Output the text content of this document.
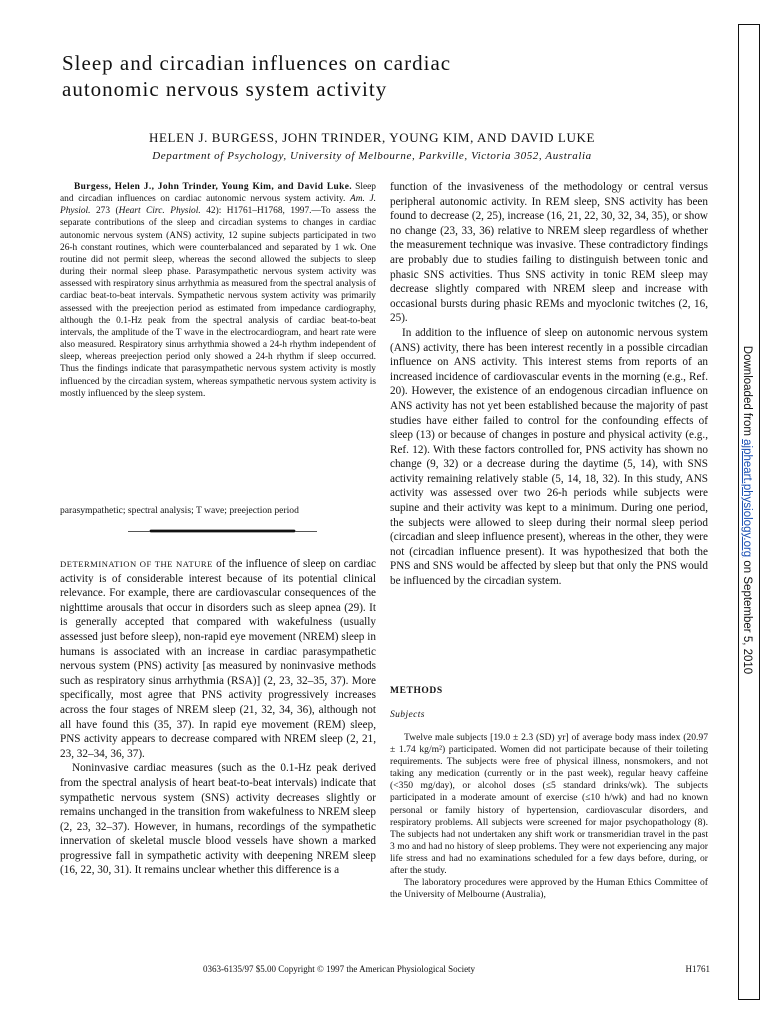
Sleep and circadian influences on cardiac
autonomic nervous system activity
HELEN J. BURGESS, JOHN TRINDER, YOUNG KIM, AND DAVID LUKE
Department of Psychology, University of Melbourne, Parkville, Victoria 3052, Australia

Burgess, Helen J., John Trinder, Young Kim, and David Luke. Sleep and circadian influences on cardiac autonomic nervous system activity. Am. J. Physiol. 273 (Heart Circ. Physiol. 42): H1761–H1768, 1997.—To assess the separate contributions of the sleep and circadian systems to changes in cardiac autonomic nervous system (ANS) activity, 12 supine subjects participated in two 26-h constant routines, which were counterbalanced and separated by 1 wk. One routine did not permit sleep, whereas the second allowed the subjects to sleep during their normal sleep phase. Parasympathetic nervous system activity was assessed with respiratory sinus arrhythmia as measured from the spectral analysis of cardiac beat-to-beat intervals. Sympathetic nervous system activity was primarily assessed with the preejection period as estimated from impedance cardiography, although the 0.1-Hz peak from the spectral analysis of cardiac beat-to-beat intervals, the amplitude of the T wave in the electrocardiogram, and heart rate were also measured. Respiratory sinus arrhythmia showed a 24-h rhythm independent of sleep, whereas preejection period only showed a 24-h rhythm if sleep occurred. Thus the findings indicate that parasympathetic nervous system activity is mostly influenced by the circadian system, whereas sympathetic nervous system activity is mostly influenced by the sleep system.

parasympathetic; spectral analysis; T wave; preejection period

DETERMINATION OF THE NATURE of the influence of sleep on cardiac activity is of considerable interest because of its potential clinical relevance. For example, there are cardiovascular consequences of the nighttime arousals that occur in disorders such as sleep apnea (29). It is generally accepted that compared with wakefulness (usually assessed just before sleep), non-rapid eye movement (NREM) sleep in humans is associated with an increase in cardiac parasympathetic nervous system (PNS) activity [as measured by noninvasive methods such as respiratory sinus arrhythmia (RSA)] (2, 23, 32–35, 37). More specifically, most agree that PNS activity progressively increases across the four stages of NREM sleep (21, 32, 34, 36), although not all have found this (35, 37). In rapid eye movement (REM) sleep, PNS activity appears to decrease compared with NREM sleep (2, 21, 23, 32–34, 36, 37).

Noninvasive cardiac measures (such as the 0.1-Hz peak derived from the spectral analysis of heart beat-to-beat intervals) indicate that sympathetic nervous system (SNS) activity decreases slightly or remains unchanged in the transition from wakefulness to NREM sleep (2, 23, 32–37). However, in humans, recordings of the sympathetic innervation of skeletal muscle blood vessels have shown a marked progressive fall in sympathetic activity with deepening NREM sleep (16, 22, 30, 31). It remains unclear whether this difference is a

function of the invasiveness of the methodology or central versus peripheral autonomic activity. In REM sleep, SNS activity has been found to decrease (2, 25), increase (16, 21, 22, 30, 32, 34, 35), or show no change (23, 33, 36) relative to NREM sleep regardless of whether the measurement technique was invasive. These contradictory findings are probably due to studies failing to distinguish between tonic and phasic SNS activities. Thus SNS activity in tonic REM sleep may decrease slightly compared with NREM sleep and increase with occasional bursts during phasic REMs and myoclonic twitches (2, 16, 25).

In addition to the influence of sleep on autonomic nervous system (ANS) activity, there has been interest recently in a possible circadian influence on ANS activity. This interest stems from reports of an increased incidence of cardiovascular events in the morning (e.g., Ref. 20). However, the existence of an endogenous circadian influence on ANS activity has not yet been established because the majority of past studies have either failed to control for the confounding effects of sleep (13) or because of changes in posture and physical activity (e.g., Ref. 12). With these factors controlled for, PNS activity has shown no change (9, 32) or a decrease during the daytime (5, 14), with SNS activity remaining relatively stable (5, 14, 18, 32). In this study, ANS activity was assessed over two 26-h periods while subjects were supine and their activity was kept to a minimum. During one period, the subjects were allowed to sleep during their normal sleep period (circadian and sleep influence present), whereas in the other, they were not (circadian influence present). It was hypothesized that both the PNS and SNS would be affected by sleep but that only the PNS would be influenced by the circadian system.

METHODS
Subjects

Twelve male subjects [19.0 ± 2.3 (SD) yr] of average body mass index (20.97 ± 1.74 kg/m²) participated. Women did not participate because of their toileting requirements. The subjects were free of physical illness, nonsmokers, and not taking any medication (currently or in the past week), regular heavy caffeine (<350 mg/day), or alcohol doses (≤5 standard drinks/wk). The subjects participated in a moderate amount of exercise (≤10 h/wk) and had no known personal or family history of hypertension, cardiovascular disorders, and respiratory problems. All subjects were screened for major psychopathology (8). The subjects had not undertaken any shift work or transmeridian travel in the past 3 mo and had no history of sleep problems. They were not experiencing any major life stress and had no examinations scheduled for a few days before, during, or after the study.

The laboratory procedures were approved by the Human Ethics Committee of the University of Melbourne (Australia),

0363-6135/97 $5.00 Copyright © 1997 the American Physiological Society	H1761
Downloaded from ajpheart.physiology.org on September 5, 2010
